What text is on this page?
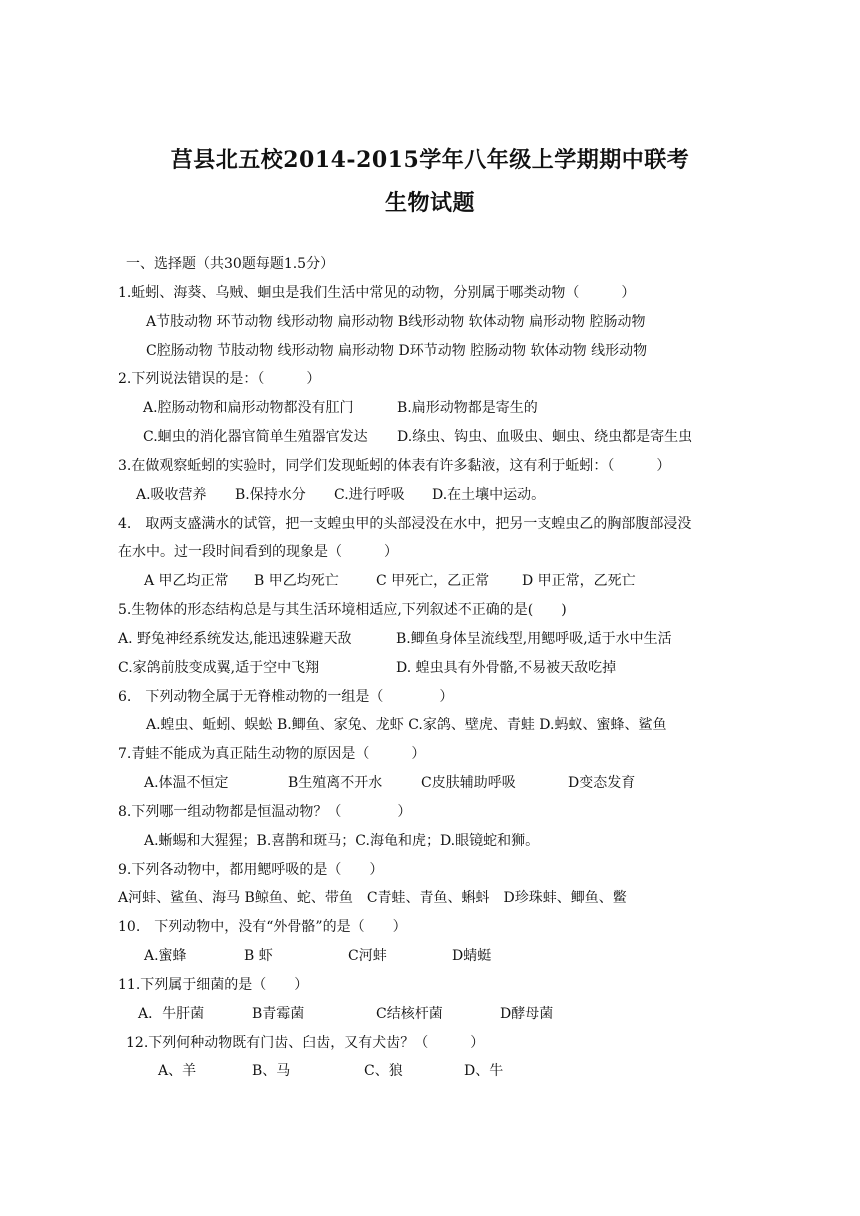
莒县北五校2014-2015学年八年级上学期期中联考
生物试题
一、选择题（共30题每题1.5分）
1.蚯蚓、海葵、乌贼、蛔虫是我们生活中常见的动物，分别属于哪类动物（　　　）
A节肢动物 环节动物 线形动物 扁形动物 B线形动物 软体动物 扁形动物 腔肠动物
C腔肠动物 节肢动物 线形动物 扁形动物 D环节动物 腔肠动物 软体动物 线形动物
2.下列说法错误的是：（　　　）
A.腔肠动物和扁形动物都没有肛门	B.扁形动物都是寄生的
C.蛔虫的消化器官简单生殖器官发达 D.绦虫、钩虫、血吸虫、蛔虫、绕虫都是寄生虫
3.在做观察蚯蚓的实验时，同学们发现蚯蚓的体表有许多黏液，这有利于蚯蚓：（　　　）
A.吸收营养 B.保持水分 C.进行呼吸 D.在土壤中运动。
4.　取两支盛满水的试管，把一支蝗虫甲的头部浸没在水中，把另一支蝗虫乙的胸部腹部浸没
在水中。过一段时间看到的现象是（　　　）
A 甲乙均正常 B 甲乙均死亡	C 甲死亡，乙正常 D 甲正常，乙死亡
5.生物体的形态结构总是与其生活环境相适应,下列叙述不正确的是(　　)
A. 野兔神经系统发达,能迅速躲避天敌	B.鲫鱼身体呈流线型,用鳃呼吸,适于水中生活
C.家鸽前肢变成翼,适于空中飞翔	D. 蝗虫具有外骨骼,不易被天敌吃掉
6.　下列动物全属于无脊椎动物的一组是（　　　　）
A.蝗虫、蚯蚓、蜈蚣 B.鲫鱼、家兔、龙虾 C.家鸽、壁虎、青蛙 D.蚂蚁、蜜蜂、鲨鱼
7.青蛙不能成为真正陆生动物的原因是（　　　）
A.体温不恒定	B生殖离不开水	C皮肤辅助呼吸	D变态发育
8.下列哪一组动物都是恒温动物？（　　　　）
A.蜥蜴和大猩猩；B.喜鹊和斑马；C.海龟和虎；D.眼镜蛇和狮。
9.下列各动物中，都用鳃呼吸的是（　　）
A河蚌、鲨鱼、海马 B鲸鱼、蛇、带鱼　C青蛙、青鱼、蝌蚪　D珍珠蚌、鲫鱼、鳖
10.　下列动物中，没有“外骨骼”的是（　　）
A.蜜蜂	B 虾	C河蚌	D蜻蜓
11.下列属于细菌的是（　　）
A．牛肝菌	B青霉菌	C结核杆菌	D酵母菌
12.下列何种动物既有门齿、臼齿，又有犬齿？（　　　）
A、羊	B、马	C、狼	D、牛
